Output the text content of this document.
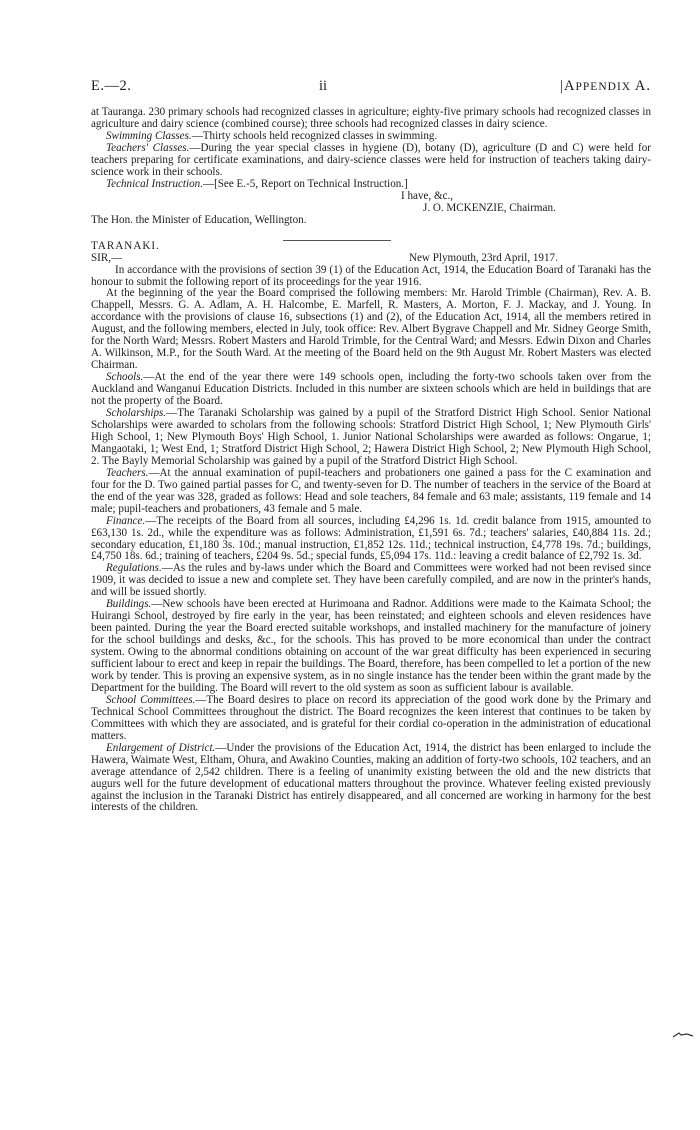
E.—2.	ii	|APPENDIX A.

at Tauranga. 230 primary schools had recognized classes in agriculture; eighty-five primary schools had recognized classes in agriculture and dairy science (combined course); three schools had recognized classes in dairy science.

Swimming Classes.—Thirty schools held recognized classes in swimming.

Teachers' Classes.—During the year special classes in hygiene (D), botany (D), agriculture (D and C) were held for teachers preparing for certificate examinations, and dairy-science classes were held for instruction of teachers taking dairy-science work in their schools.

Technical Instruction.—[See E.-5, Report on Technical Instruction.]

I have, &c.,
J. O. MCKENZIE, Chairman.

The Hon. the Minister of Education, Wellington.

TARANAKI.

SIR,—	New Plymouth, 23rd April, 1917.

In accordance with the provisions of section 39 (1) of the Education Act, 1914, the Education Board of Taranaki has the honour to submit the following report of its proceedings for the year 1916.

At the beginning of the year the Board comprised the following members: Mr. Harold Trimble (Chairman), Rev. A. B. Chappell, Messrs. G. A. Adlam, A. H. Halcombe, E. Marfell, R. Masters, A. Morton, F. J. Mackay, and J. Young. In accordance with the provisions of clause 16, subsections (1) and (2), of the Education Act, 1914, all the members retired in August, and the following members, elected in July, took office: Rev. Albert Bygrave Chappell and Mr. Sidney George Smith, for the North Ward; Messrs. Robert Masters and Harold Trimble, for the Central Ward; and Messrs. Edwin Dixon and Charles A. Wilkinson, M.P., for the South Ward. At the meeting of the Board held on the 9th August Mr. Robert Masters was elected Chairman.

Schools.—At the end of the year there were 149 schools open, including the forty-two schools taken over from the Auckland and Wanganui Education Districts. Included in this number are sixteen schools which are held in buildings that are not the property of the Board.

Scholarships.—The Taranaki Scholarship was gained by a pupil of the Stratford District High School. Senior National Scholarships were awarded to scholars from the following schools: Stratford District High School, 1; New Plymouth Girls' High School, 1; New Plymouth Boys' High School, 1. Junior National Scholarships were awarded as follows: Ongarue, 1; Mangaotaki, 1; West End, 1; Stratford District High School, 2; Hawera District High School, 2; New Plymouth High School, 2. The Bayly Memorial Scholarship was gained by a pupil of the Stratford District High School.

Teachers.—At the annual examination of pupil-teachers and probationers one gained a pass for the C examination and four for the D. Two gained partial passes for C, and twenty-seven for D. The number of teachers in the service of the Board at the end of the year was 328, graded as follows: Head and sole teachers, 84 female and 63 male; assistants, 119 female and 14 male; pupil-teachers and probationers, 43 female and 5 male.

Finance.—The receipts of the Board from all sources, including £4,296 1s. 1d. credit balance from 1915, amounted to £63,130 1s. 2d., while the expenditure was as follows: Administration, £1,591 6s. 7d.; teachers' salaries, £40,884 11s. 2d.; secondary education, £1,180 3s. 10d.; manual instruction, £1,852 12s. 11d.; technical instruction, £4,778 19s. 7d.; buildings, £4,750 18s. 6d.; training of teachers, £204 9s. 5d.; special funds, £5,094 17s. 11d.: leaving a credit balance of £2,792 1s. 3d.

Regulations.—As the rules and by-laws under which the Board and Committees were worked had not been revised since 1909, it was decided to issue a new and complete set. They have been carefully compiled, and are now in the printer's hands, and will be issued shortly.

Buildings.—New schools have been erected at Hurimoana and Radnor. Additions were made to the Kaimata School; the Huirangi School, destroyed by fire early in the year, has been reinstated; and eighteen schools and eleven residences have been painted. During the year the Board erected suitable workshops, and installed machinery for the manufacture of joinery for the school buildings and desks, &c., for the schools. This has proved to be more economical than under the contract system. Owing to the abnormal conditions obtaining on account of the war great difficulty has been experienced in securing sufficient labour to erect and keep in repair the buildings. The Board, therefore, has been compelled to let a portion of the new work by tender. This is proving an expensive system, as in no single instance has the tender been within the grant made by the Department for the building. The Board will revert to the old system as soon as sufficient labour is available.

School Committees.—The Board desires to place on record its appreciation of the good work done by the Primary and Technical School Committees throughout the district. The Board recognizes the keen interest that continues to be taken by Committees with which they are associated, and is grateful for their cordial co-operation in the administration of educational matters.

Enlargement of District.—Under the provisions of the Education Act, 1914, the district has been enlarged to include the Hawera, Waimate West, Eltham, Ohura, and Awakino Counties, making an addition of forty-two schools, 102 teachers, and an average attendance of 2,542 children. There is a feeling of unanimity existing between the old and the new districts that augurs well for the future development of educational matters throughout the province. Whatever feeling existed previously against the inclusion in the Taranaki District has entirely disappeared, and all concerned are working in harmony for the best interests of the children.
